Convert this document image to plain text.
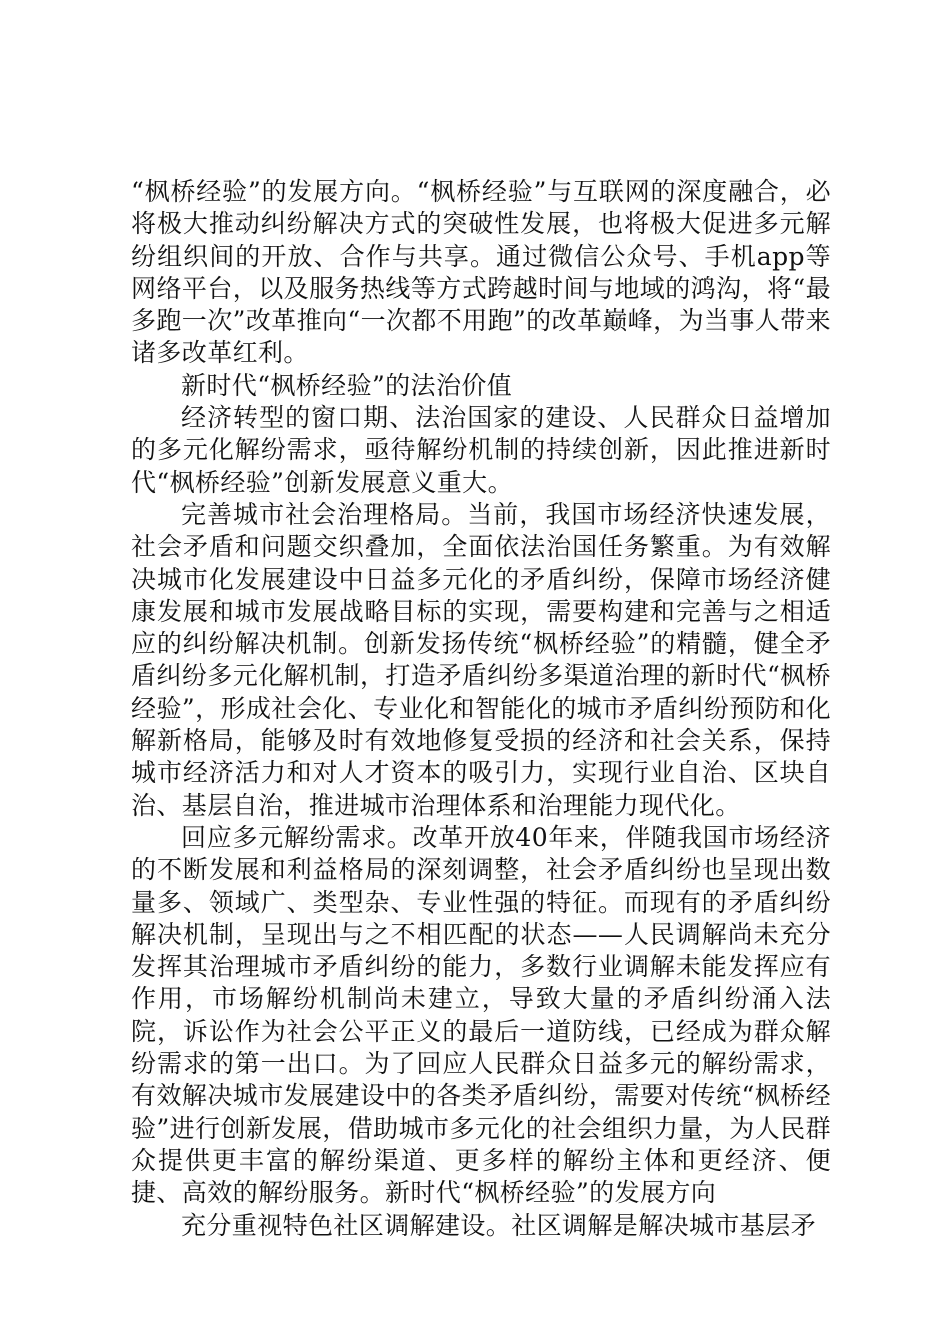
“枫桥经验”的发展方向。“枫桥经验”与互联网的深度融合，必将极大推动纠纷解决方式的突破性发展，也将极大促进多元解纷组织间的开放、合作与共享。通过微信公众号、手机app等网络平台，以及服务热线等方式跨越时间与地域的鸿沟，将“最多跑一次”改革推向“一次都不用跑”的改革巅峰，为当事人带来诸多改革红利。

新时代“枫桥经验”的法治价值

经济转型的窗口期、法治国家的建设、人民群众日益增加的多元化解纷需求，亟待解纷机制的持续创新，因此推进新时代“枫桥经验”创新发展意义重大。

完善城市社会治理格局。当前，我国市场经济快速发展，社会矛盾和问题交织叠加，全面依法治国任务繁重。为有效解决城市化发展建设中日益多元化的矛盾纠纷，保障市场经济健康发展和城市发展战略目标的实现，需要构建和完善与之相适应的纠纷解决机制。创新发扬传统“枫桥经验”的精髓，健全矛盾纠纷多元化解机制，打造矛盾纠纷多渠道治理的新时代“枫桥经验”，形成社会化、专业化和智能化的城市矛盾纠纷预防和化解新格局，能够及时有效地修复受损的经济和社会关系，保持城市经济活力和对人才资本的吸引力，实现行业自治、区块自治、基层自治，推进城市治理体系和治理能力现代化。

回应多元解纷需求。改革开放40年来，伴随我国市场经济的不断发展和利益格局的深刻调整，社会矛盾纠纷也呈现出数量多、领域广、类型杂、专业性强的特征。而现有的矛盾纠纷解决机制，呈现出与之不相匹配的状态——人民调解尚未充分发挥其治理城市矛盾纠纷的能力，多数行业调解未能发挥应有作用，市场解纷机制尚未建立，导致大量的矛盾纠纷涌入法院，诉讼作为社会公平正义的最后一道防线，已经成为群众解纷需求的第一出口。为了回应人民群众日益多元的解纷需求，有效解决城市发展建设中的各类矛盾纠纷，需要对传统“枫桥经验”进行创新发展，借助城市多元化的社会组织力量，为人民群众提供更丰富的解纷渠道、更多样的解纷主体和更经济、便捷、高效的解纷服务。新时代“枫桥经验”的发展方向

充分重视特色社区调解建设。社区调解是解决城市基层矛
